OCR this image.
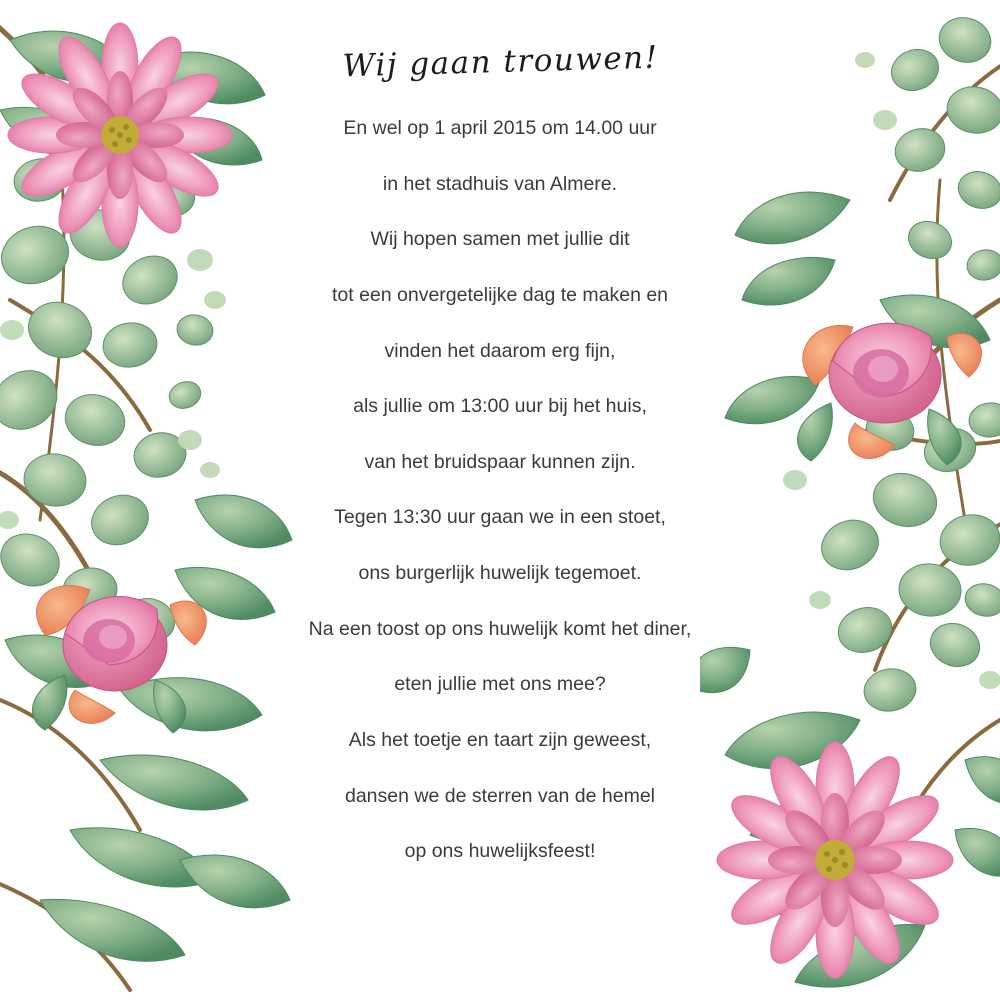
Wij gaan trouwen!
En wel op 1 april 2015 om 14.00 uur
in het stadhuis van Almere.
Wij hopen samen met jullie dit
tot een onvergetelijke dag te maken en
vinden het daarom erg fijn,
als jullie om 13:00 uur bij het huis,
van het bruidspaar kunnen zijn.
Tegen 13:30 uur gaan we in een stoet,
ons burgerlijk huwelijk tegemoet.
Na een toost op ons huwelijk komt het diner,
eten jullie met ons mee?
Als het toetje en taart zijn geweest,
dansen we de sterren van de hemel
op ons huwelijksfeest!
